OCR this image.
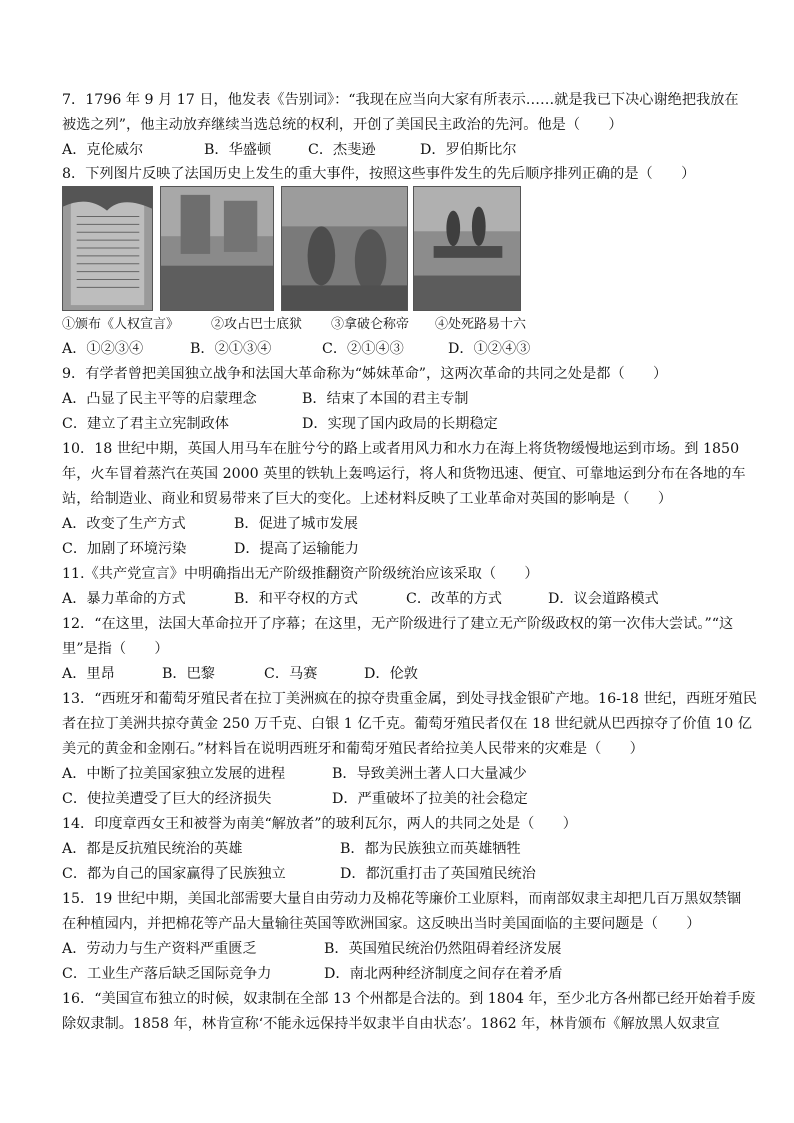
7．1796 年 9 月 17 日，他发表《告别词》：“我现在应当向大家有所表示……就是我已下决心谢绝把我放在
被选之列”，他主动放弃继续当选总统的权利，开创了美国民主政治的先河。他是（　　）
A．克伦威尔	B．华盛顿	C．杰斐逊	D．罗伯斯比尔
8．下列图片反映了法国历史上发生的重大事件，按照这些事件发生的先后顺序排列正确的是（　　）
①颁布《人权宣言》 ②攻占巴士底狱 ③拿破仑称帝 ④处死路易十六
A．①②③④	B．②①③④	C．②①④③	D．①②④③
9．有学者曾把美国独立战争和法国大革命称为“姊妹革命”，这两次革命的共同之处是都（　　）
A．凸显了民主平等的启蒙理念	B．结束了本国的君主专制
C．建立了君主立宪制政体	D．实现了国内政局的长期稳定
10．18 世纪中期，英国人用马车在脏兮兮的路上或者用风力和水力在海上将货物缓慢地运到市场。到 1850
年，火车冒着蒸汽在英国 2000 英里的铁轨上轰鸣运行，将人和货物迅速、便宜、可靠地运到分布在各地的车
站，给制造业、商业和贸易带来了巨大的变化。上述材料反映了工业革命对英国的影响是（　　）
A．改变了生产方式	B．促进了城市发展
C．加剧了环境污染	D．提高了运输能力
11.《共产党宣言》中明确指出无产阶级推翻资产阶级统治应该采取（　　）
A．暴力革命的方式	B．和平夺权的方式	C．改革的方式	D．议会道路模式
12．“在这里，法国大革命拉开了序幕；在这里，无产阶级进行了建立无产阶级政权的第一次伟大尝试。”“这
里”是指（　　）
A．里昂	B．巴黎	C．马赛	D．伦敦
13．“西班牙和葡萄牙殖民者在拉丁美洲疯在的掠夺贵重金属，到处寻找金银矿产地。16-18 世纪，西班牙殖民
者在拉丁美洲共掠夺黄金 250 万千克、白银 1 亿千克。葡萄牙殖民者仅在 18 世纪就从巴西掠夺了价值 10 亿
美元的黄金和金刚石。”材料旨在说明西班牙和葡萄牙殖民者给拉美人民带来的灾难是（　　）
A．中断了拉美国家独立发展的进程	B．导致美洲土著人口大量减少
C．使拉美遭受了巨大的经济损失	D．严重破坏了拉美的社会稳定
14．印度章西女王和被誉为南美“解放者”的玻利瓦尔，两人的共同之处是（　　）
A．都是反抗殖民统治的英雄	B．都为民族独立而英雄牺牲
C．都为自己的国家赢得了民族独立	D．都沉重打击了英国殖民统治
15．19 世纪中期，美国北部需要大量自由劳动力及棉花等廉价工业原料，而南部奴隶主却把几百万黑奴禁锢
在种植园内，并把棉花等产品大量输往英国等欧洲国家。这反映出当时美国面临的主要问题是（　　）
A．劳动力与生产资料严重匮乏	B．英国殖民统治仍然阻碍着经济发展
C．工业生产落后缺乏国际竞争力	D．南北两种经济制度之间存在着矛盾
16．“美国宣布独立的时候，奴隶制在全部 13 个州都是合法的。到 1804 年，至少北方各州都已经开始着手废
除奴隶制。1858 年，林肯宣称‘不能永远保持半奴隶半自由状态’。1862 年，林肯颁布《解放黑人奴隶宣
